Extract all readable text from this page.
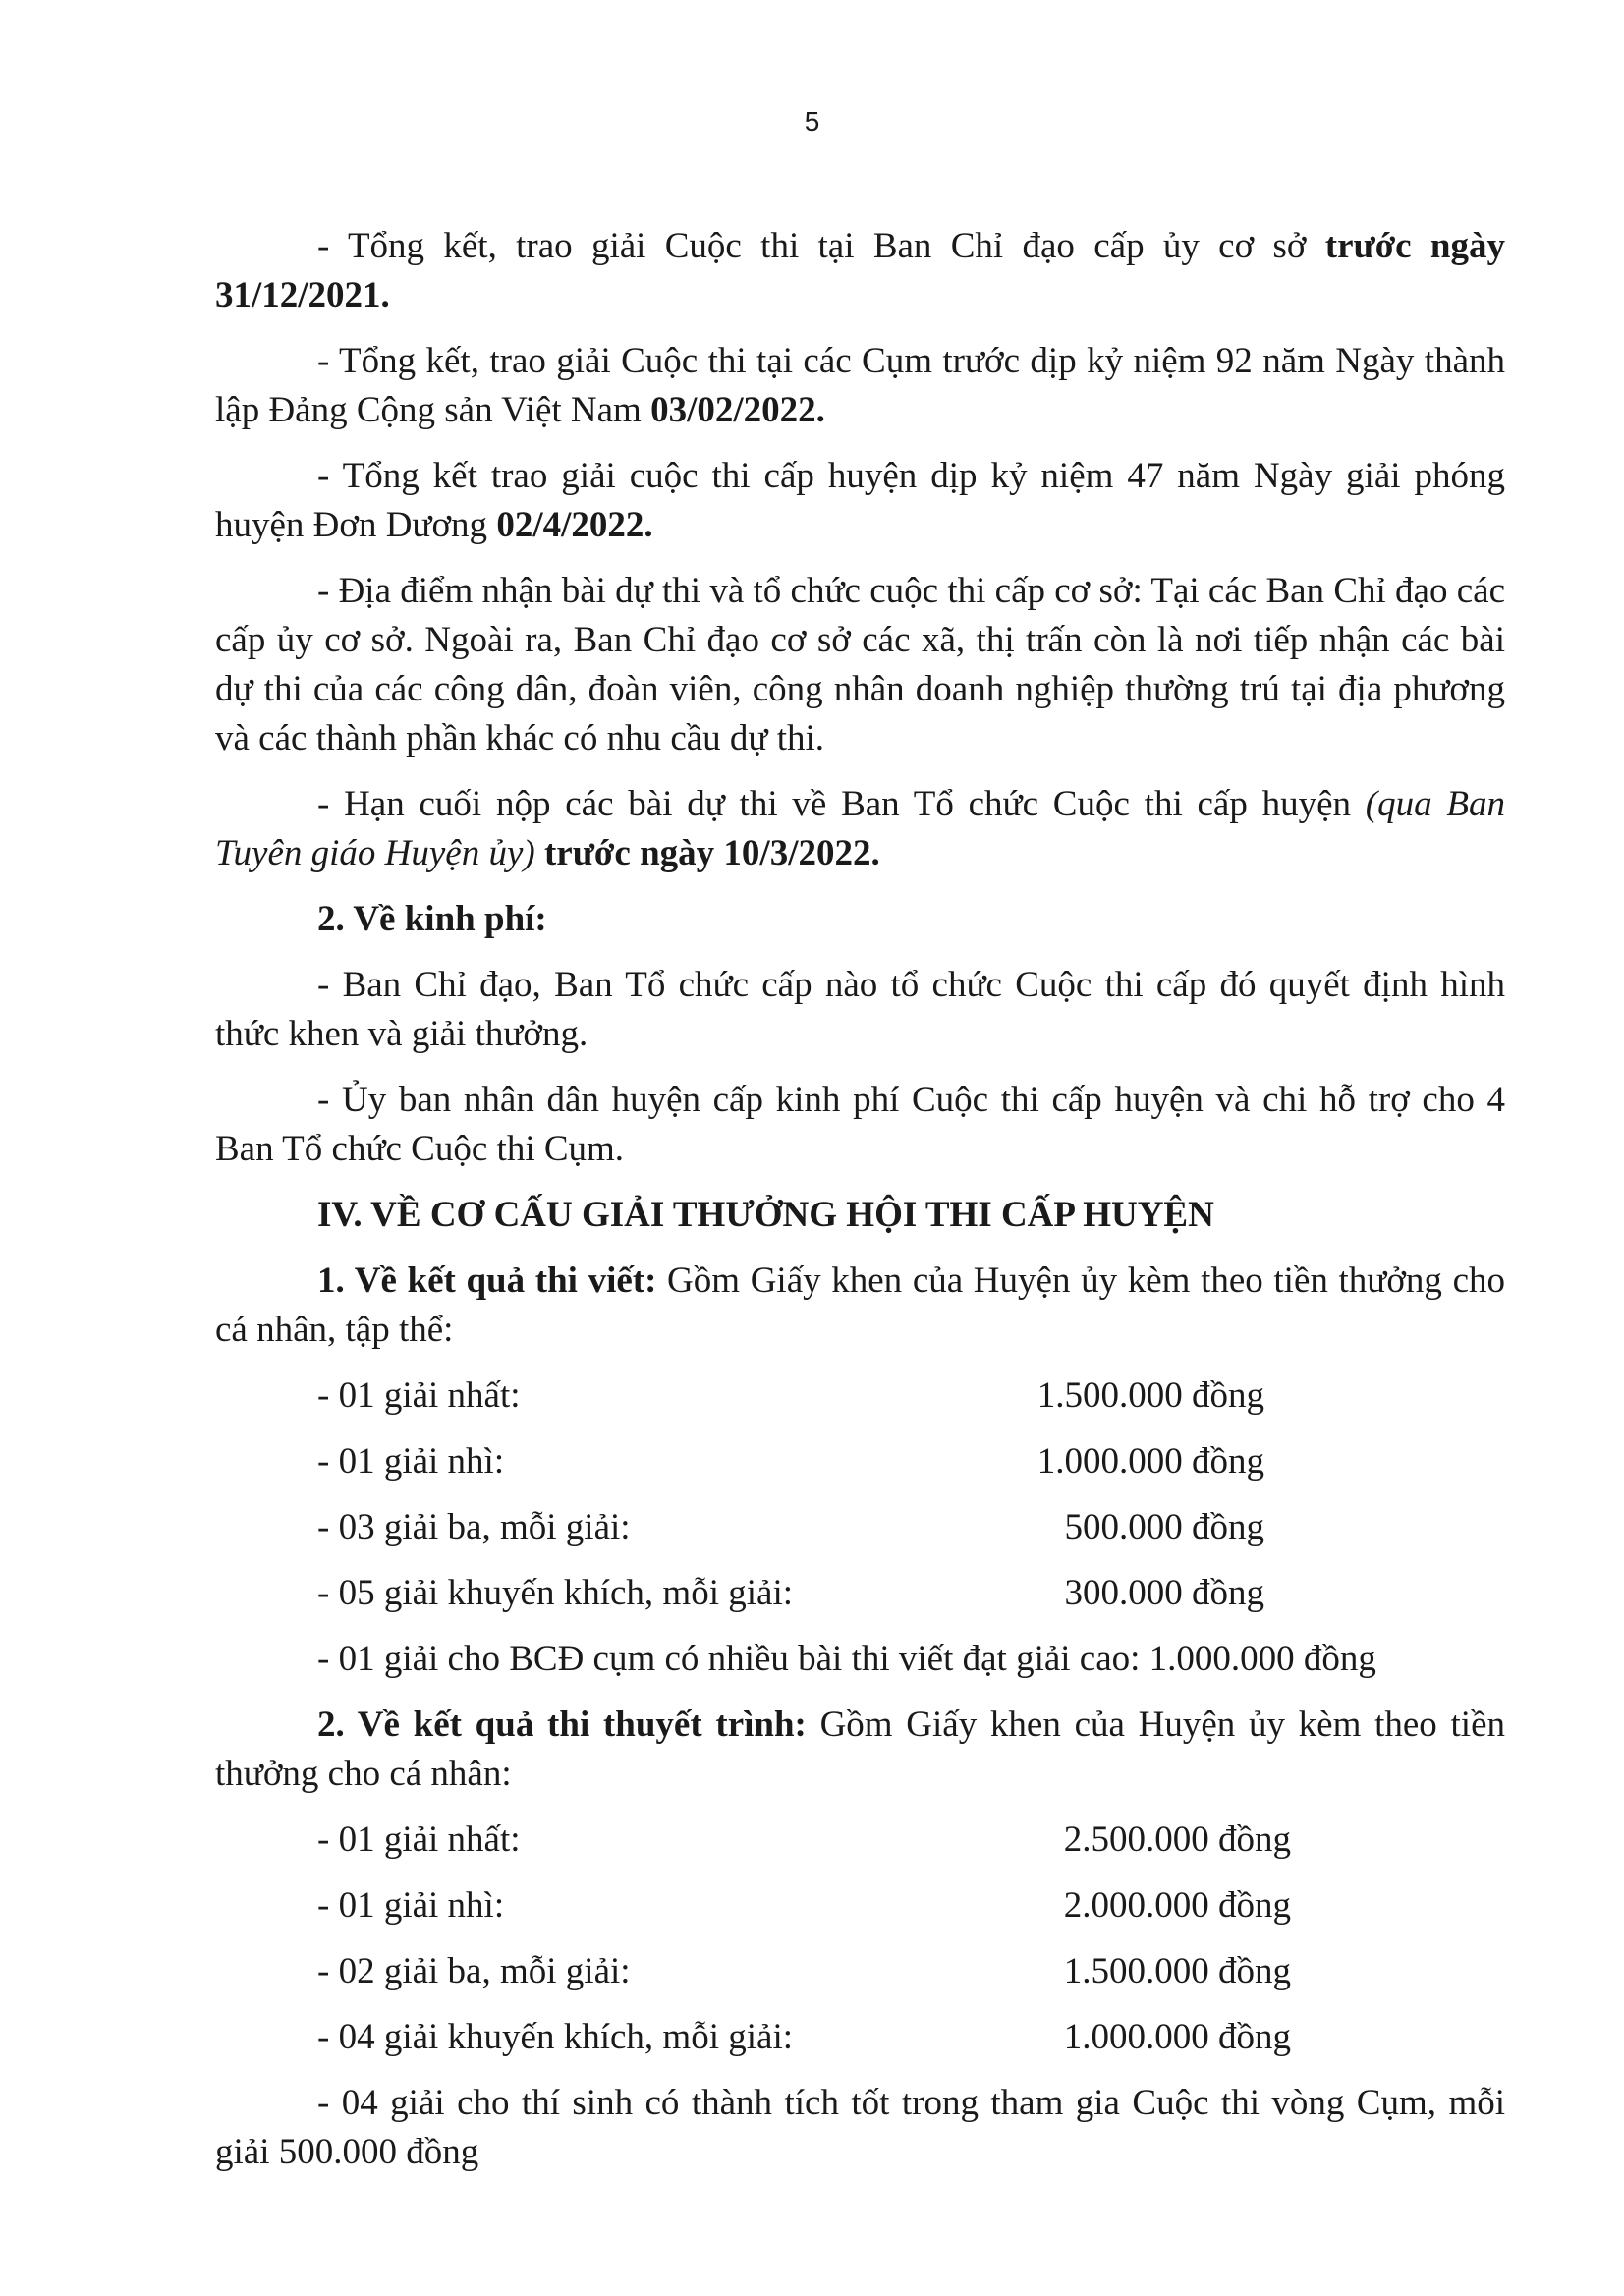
5

- Tổng kết, trao giải Cuộc thi tại Ban Chỉ đạo cấp ủy cơ sở trước ngày 31/12/2021.

- Tổng kết, trao giải Cuộc thi tại các Cụm trước dịp kỷ niệm 92 năm Ngày thành lập Đảng Cộng sản Việt Nam 03/02/2022.

- Tổng kết trao giải cuộc thi cấp huyện dịp kỷ niệm 47 năm Ngày giải phóng huyện Đơn Dương 02/4/2022.

- Địa điểm nhận bài dự thi và tổ chức cuộc thi cấp cơ sở: Tại các Ban Chỉ đạo các cấp ủy cơ sở. Ngoài ra, Ban Chỉ đạo cơ sở các xã, thị trấn còn là nơi tiếp nhận các bài dự thi của các công dân, đoàn viên, công nhân doanh nghiệp thường trú tại địa phương và các thành phần khác có nhu cầu dự thi.

- Hạn cuối nộp các bài dự thi về Ban Tổ chức Cuộc thi cấp huyện (qua Ban Tuyên giáo Huyện ủy) trước ngày 10/3/2022.

2. Về kinh phí:

- Ban Chỉ đạo, Ban Tổ chức cấp nào tổ chức Cuộc thi cấp đó quyết định hình thức khen và giải thưởng.

- Ủy ban nhân dân huyện cấp kinh phí Cuộc thi cấp huyện và chi hỗ trợ cho 4 Ban Tổ chức Cuộc thi Cụm.

IV. VỀ CƠ CẤU GIẢI THƯỞNG HỘI THI CẤP HUYỆN

1. Về kết quả thi viết: Gồm Giấy khen của Huyện ủy kèm theo tiền thưởng cho cá nhân, tập thể:

- 01 giải nhất:	1.500.000 đồng
- 01 giải nhì:	1.000.000 đồng
- 03 giải ba, mỗi giải:	500.000 đồng
- 05 giải khuyến khích, mỗi giải:	300.000 đồng

- 01 giải cho BCĐ cụm có nhiều bài thi viết đạt giải cao: 1.000.000 đồng

2. Về kết quả thi thuyết trình: Gồm Giấy khen của Huyện ủy kèm theo tiền thưởng cho cá nhân:

- 01 giải nhất:	2.500.000 đồng
- 01 giải nhì:	2.000.000 đồng
- 02 giải ba, mỗi giải:	1.500.000 đồng
- 04 giải khuyến khích, mỗi giải:	1.000.000 đồng

- 04 giải cho thí sinh có thành tích tốt trong tham gia Cuộc thi vòng Cụm, mỗi giải 500.000 đồng
